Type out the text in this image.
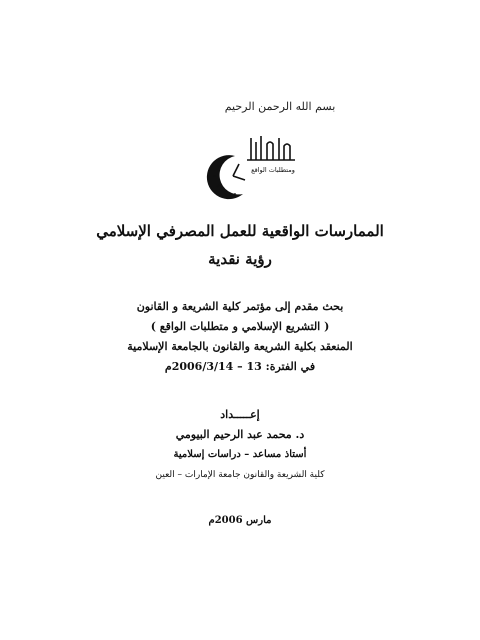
بسم الله الرحمن الرحيم
ومتطلبات الواقع
الممارسات الواقعية للعمل المصرفي الإسلامي
رؤية نقدية
بحث مقدم إلى مؤتمر كلية الشريعة و القانون
( التشريع الإسلامي و متطلبات الواقع )
المنعقد بكلية الشريعة والقانون بالجامعة الإسلامية
في الفترة: 13 – 2006/3/14م
إعـــــداد
د. محمد عبد الرحيم البيومي
أستاذ مساعد – دراسات إسلامية
كلية الشريعة والقانون جامعة الإمارات – العين
مارس 2006م
